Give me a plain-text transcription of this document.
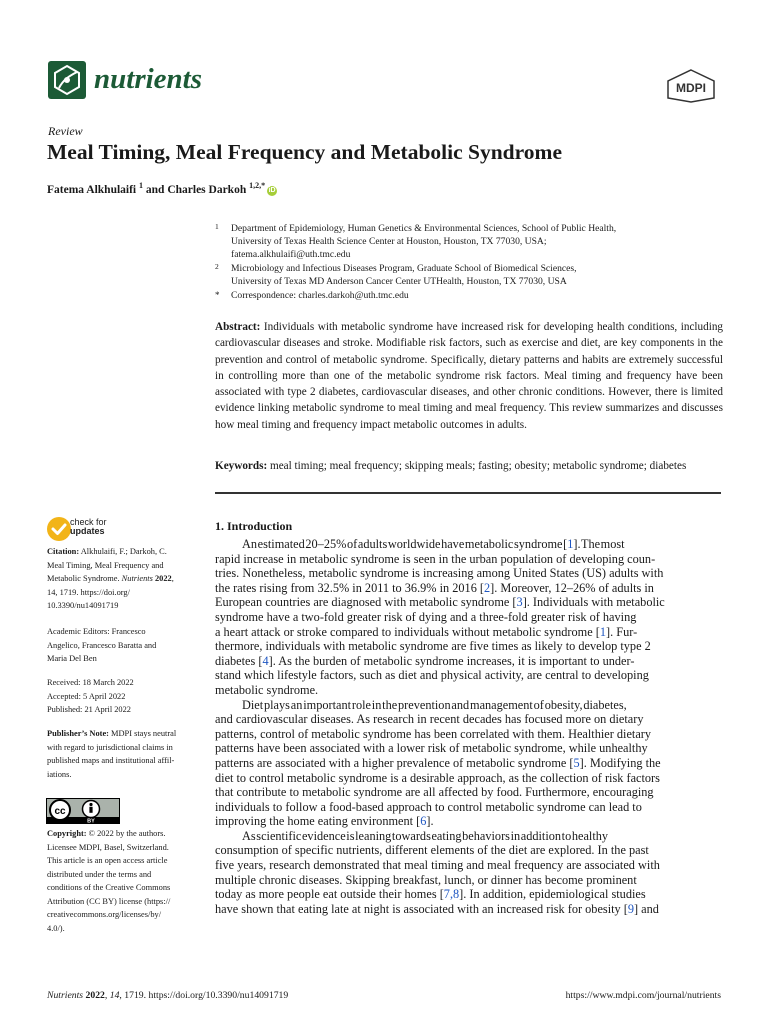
nutrients	MDPI
Review
Meal Timing, Meal Frequency and Metabolic Syndrome
Fatema Alkhulaifi $^1$ and Charles Darkoh $^{1,2,*}$iD
1 Department of Epidemiology, Human Genetics & Environmental Sciences, School of Public Health,
University of Texas Health Science Center at Houston, Houston, TX 77030, USA;
fatema.alkhulaifi@uth.tmc.edu
2 Microbiology and Infectious Diseases Program, Graduate School of Biomedical Sciences,
University of Texas MD Anderson Cancer Center UTHealth, Houston, TX 77030, USA
* Correspondence: charles.darkoh@uth.tmc.edu
Abstract: Individuals with metabolic syndrome have increased risk for developing health conditions, including cardiovascular diseases and stroke. Modifiable risk factors, such as exercise and diet, are key components in the prevention and control of metabolic syndrome. Specifically, dietary patterns and habits are extremely successful in controlling more than one of the metabolic syndrome risk factors. Meal timing and frequency have been associated with type 2 diabetes, cardiovascular diseases, and other chronic conditions. However, there is limited evidence linking metabolic syndrome to meal timing and meal frequency. This review summarizes and discusses how meal timing and frequency impact metabolic outcomes in adults.
Keywords: meal timing; meal frequency; skipping meals; fasting; obesity; metabolic syndrome; diabetes
1. Introduction
An estimated 20–25% of adults worldwide have metabolic syndrome [1]. The most
rapid increase in metabolic syndrome is seen in the urban population of developing coun-
tries. Nonetheless, metabolic syndrome is increasing among United States (US) adults with
the rates rising from 32.5% in 2011 to 36.9% in 2016 [2]. Moreover, 12–26% of adults in
European countries are diagnosed with metabolic syndrome [3]. Individuals with metabolic
syndrome have a two-fold greater risk of dying and a three-fold greater risk of having
a heart attack or stroke compared to individuals without metabolic syndrome [1]. Fur-
thermore, individuals with metabolic syndrome are five times as likely to develop type 2
diabetes [4]. As the burden of metabolic syndrome increases, it is important to under-
stand which lifestyle factors, such as diet and physical activity, are central to developing
metabolic syndrome.
Diet plays an important role in the prevention and management of obesity, diabetes,
and cardiovascular diseases. As research in recent decades has focused more on dietary
patterns, control of metabolic syndrome has been correlated with them. Healthier dietary
patterns have been associated with a lower risk of metabolic syndrome, while unhealthy
patterns are associated with a higher prevalence of metabolic syndrome [5]. Modifying the
diet to control metabolic syndrome is a desirable approach, as the collection of risk factors
that contribute to metabolic syndrome are all affected by food. Furthermore, encouraging
individuals to follow a food-based approach to control metabolic syndrome can lead to
improving the home eating environment [6].
As scientific evidence is leaning towards eating behaviors in addition to healthy
consumption of specific nutrients, different elements of the diet are explored. In the past
five years, research demonstrated that meal timing and meal frequency are associated with
multiple chronic diseases. Skipping breakfast, lunch, or dinner has become prominent
today as more people eat outside their homes [7,8]. In addition, epidemiological studies
have shown that eating late at night is associated with an increased risk for obesity [9] and
check for
updates
Citation: Alkhulaifi, F.; Darkoh, C.
Meal Timing, Meal Frequency and
Metabolic Syndrome. Nutrients 2022,
14, 1719. https://doi.org/
10.3390/nu14091719
Academic Editors: Francesco
Angelico, Francesco Baratta and
Maria Del Ben
Received: 18 March 2022
Accepted: 5 April 2022
Published: 21 April 2022
Publisher’s Note: MDPI stays neutral
with regard to jurisdictional claims in
published maps and institutional affil-
iations.
cc
BY
Copyright: © 2022 by the authors.
Licensee MDPI, Basel, Switzerland.
This article is an open access article
distributed under the terms and
conditions of the Creative Commons
Attribution (CC BY) license (https://
creativecommons.org/licenses/by/
4.0/).
Nutrients 2022, 14, 1719. https://doi.org/10.3390/nu14091719	https://www.mdpi.com/journal/nutrients
